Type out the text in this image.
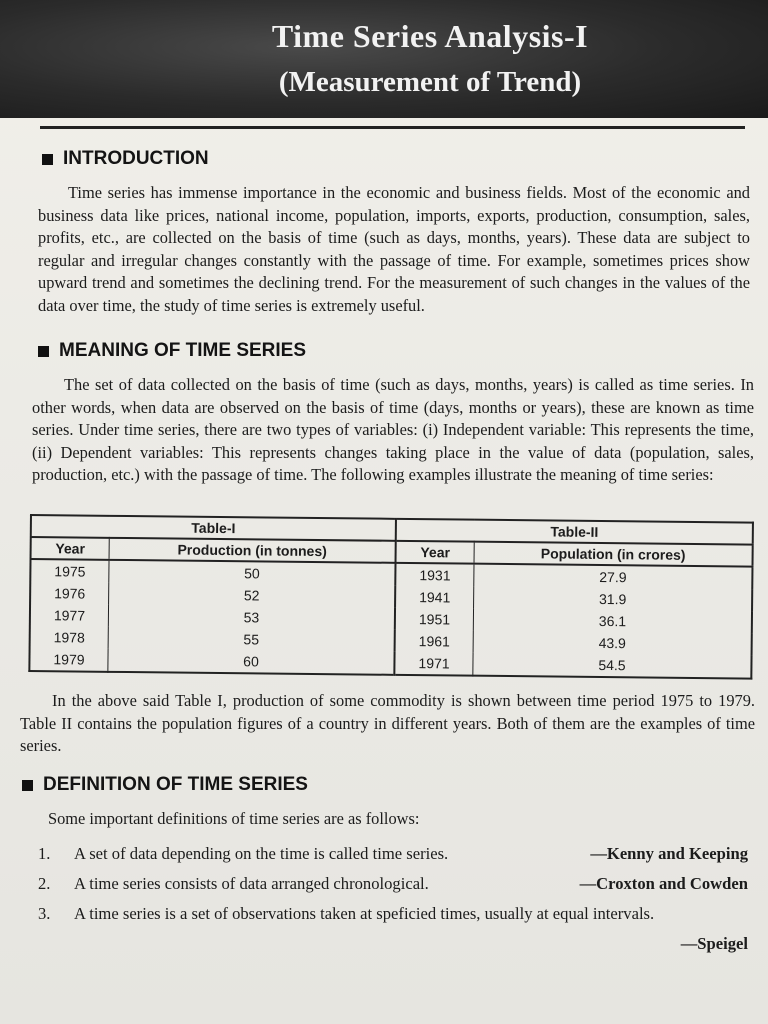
Time Series Analysis-I
(Measurement of Trend)
INTRODUCTION

Time series has immense importance in the economic and business fields. Most of the economic and business data like prices, national income, population, imports, exports, production, consumption, sales, profits, etc., are collected on the basis of time (such as days, months, years). These data are subject to regular and irregular changes constantly with the passage of time. For example, sometimes prices show upward trend and sometimes the declining trend. For the measurement of such changes in the values of the data over time, the study of time series is extremely useful.

MEANING OF TIME SERIES

The set of data collected on the basis of time (such as days, months, years) is called as time series. In other words, when data are observed on the basis of time (days, months or years), these are known as time series. Under time series, there are two types of variables: (i) Independent variable: This represents the time, (ii) Dependent variables: This represents changes taking place in the value of data (population, sales, production, etc.) with the passage of time. The following examples illustrate the meaning of time series:

Table-I		Table-II	
Year	Production (in tonnes)	Year	Population (in crores)
1975	50	1931	27.9
1976	52	1941	31.9
1977	53	1951	36.1
1978	55	1961	43.9
1979	60	1971	54.5

In the above said Table I, production of some commodity is shown between time period 1975 to 1979. Table II contains the population figures of a country in different years. Both of them are the examples of time series.

DEFINITION OF TIME SERIES
Some important definitions of time series are as follows:
1. A set of data depending on the time is called time series.	—Kenny and Keeping
2. A time series consists of data arranged chronological.	—Croxton and Cowden
3. A time series is a set of observations taken at speficied times, usually at equal intervals.
—Speigel
